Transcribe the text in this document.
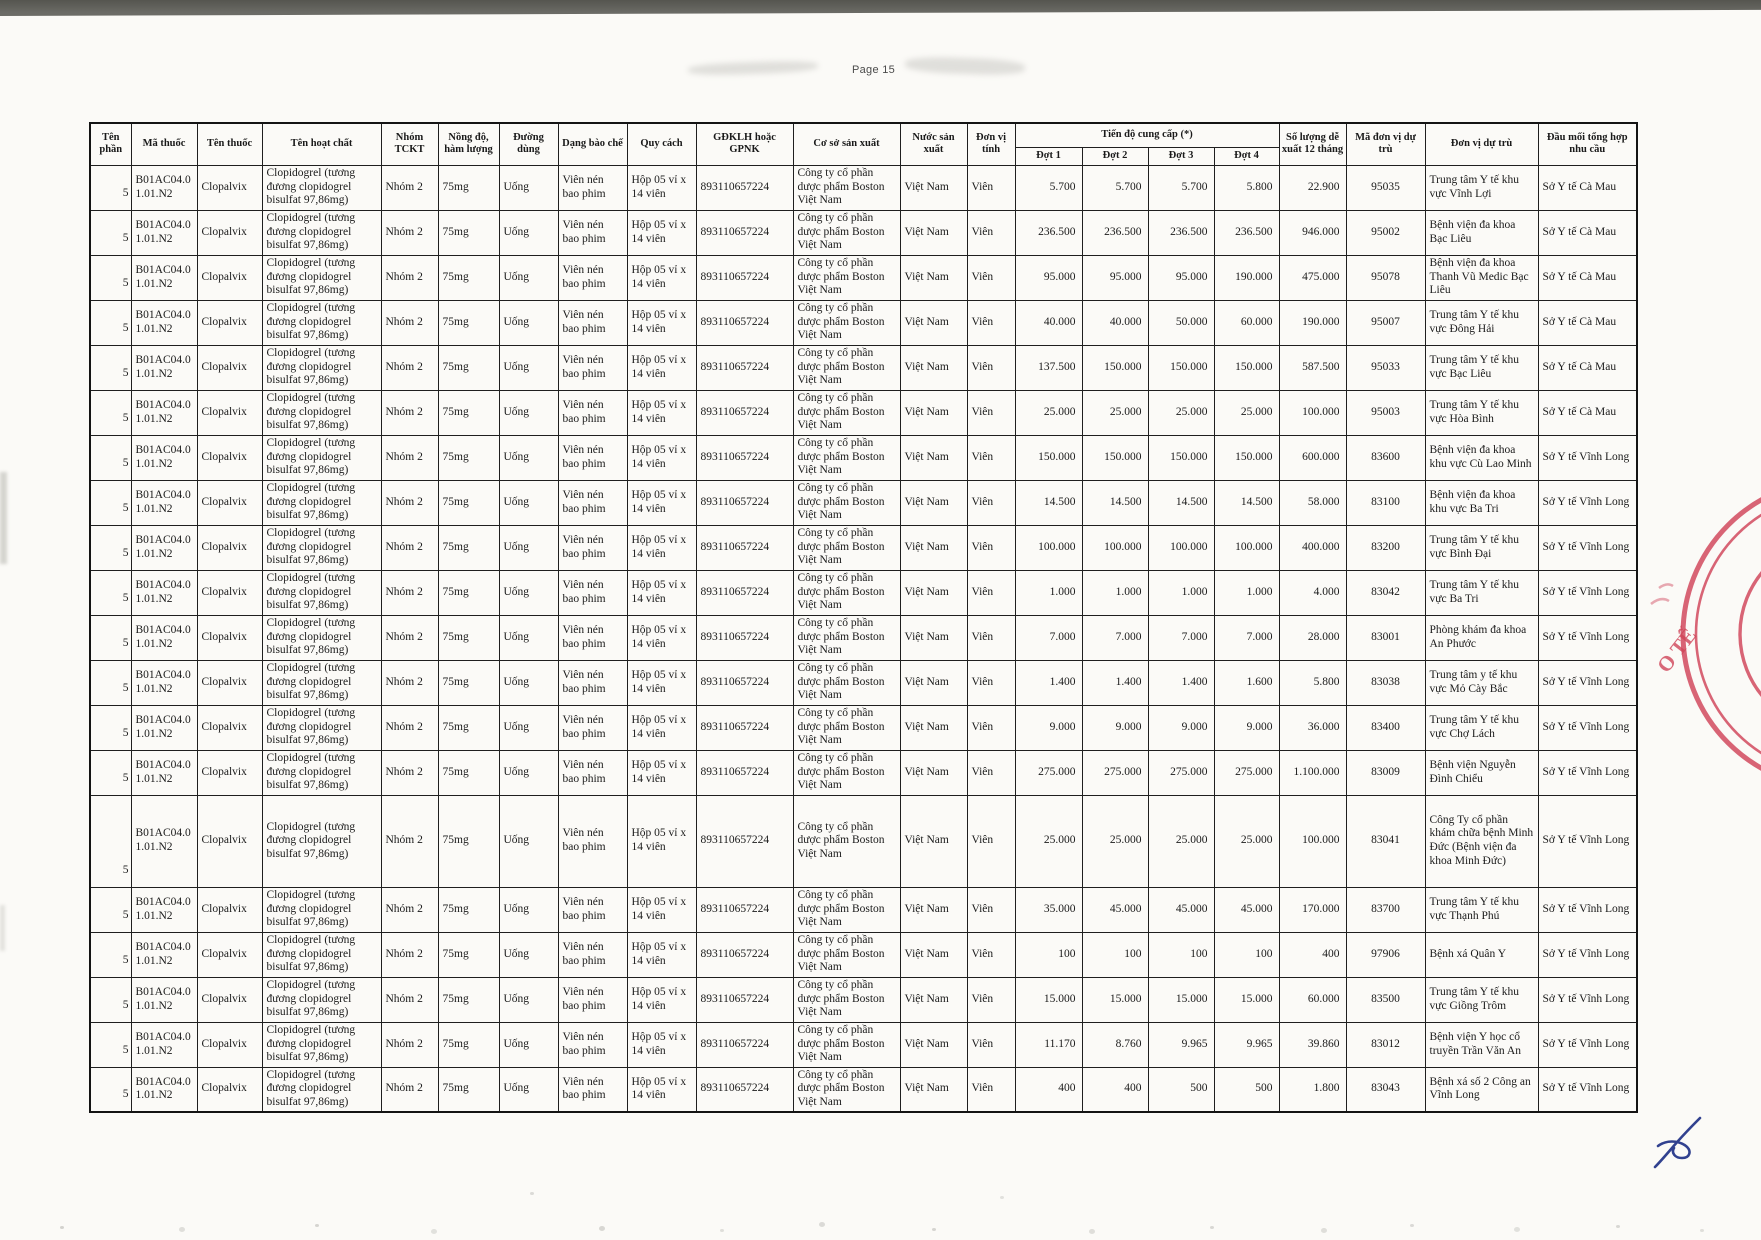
Page 15
Tên phần	Mã thuốc	Tên thuốc	Tên hoạt chất	Nhóm TCKT	Nồng độ, hàm lượng	Đường dùng	Dạng bào chế	Quy cách	GĐKLH hoặc GPNK	Cơ sở sản xuất	Nước sản xuất	Đơn vị tính	Tiến độ cung cấp (*)				Số lượng dễ xuất 12 tháng	Mã đơn vị dự trù	Đơn vị dự trù	Đầu mối tổng hợp nhu cầu
													Đợt 1	Đợt 2	Đợt 3	Đợt 4				
5	B01AC04.0 1.01.N2	Clopalvix	Clopidogrel (tương đương clopidogrel bisulfat 97,86mg)	Nhóm 2	75mg	Uống	Viên nén bao phim	Hộp 05 vỉ x 14 viên	893110657224	Công ty cổ phần dược phẩm Boston Việt Nam	Việt Nam	Viên	5.700	5.700	5.700	5.800	22.900	95035	Trung tâm Y tế khu vực Vĩnh Lợi	Sở Y tế Cà Mau
5	B01AC04.0 1.01.N2	Clopalvix	Clopidogrel (tương đương clopidogrel bisulfat 97,86mg)	Nhóm 2	75mg	Uống	Viên nén bao phim	Hộp 05 vỉ x 14 viên	893110657224	Công ty cổ phần dược phẩm Boston Việt Nam	Việt Nam	Viên	236.500	236.500	236.500	236.500	946.000	95002	Bệnh viện đa khoa Bạc Liêu	Sở Y tế Cà Mau
5	B01AC04.0 1.01.N2	Clopalvix	Clopidogrel (tương đương clopidogrel bisulfat 97,86mg)	Nhóm 2	75mg	Uống	Viên nén bao phim	Hộp 05 vỉ x 14 viên	893110657224	Công ty cổ phần dược phẩm Boston Việt Nam	Việt Nam	Viên	95.000	95.000	95.000	190.000	475.000	95078	Bệnh viện đa khoa Thanh Vũ Medic Bạc Liêu	Sở Y tế Cà Mau
5	B01AC04.0 1.01.N2	Clopalvix	Clopidogrel (tương đương clopidogrel bisulfat 97,86mg)	Nhóm 2	75mg	Uống	Viên nén bao phim	Hộp 05 vỉ x 14 viên	893110657224	Công ty cổ phần dược phẩm Boston Việt Nam	Việt Nam	Viên	40.000	40.000	50.000	60.000	190.000	95007	Trung tâm Y tế khu vực Đông Hải	Sở Y tế Cà Mau
5	B01AC04.0 1.01.N2	Clopalvix	Clopidogrel (tương đương clopidogrel bisulfat 97,86mg)	Nhóm 2	75mg	Uống	Viên nén bao phim	Hộp 05 vỉ x 14 viên	893110657224	Công ty cổ phần dược phẩm Boston Việt Nam	Việt Nam	Viên	137.500	150.000	150.000	150.000	587.500	95033	Trung tâm Y tế khu vực Bạc Liêu	Sở Y tế Cà Mau
5	B01AC04.0 1.01.N2	Clopalvix	Clopidogrel (tương đương clopidogrel bisulfat 97,86mg)	Nhóm 2	75mg	Uống	Viên nén bao phim	Hộp 05 vỉ x 14 viên	893110657224	Công ty cổ phần dược phẩm Boston Việt Nam	Việt Nam	Viên	25.000	25.000	25.000	25.000	100.000	95003	Trung tâm Y tế khu vực Hòa Bình	Sở Y tế Cà Mau
5	B01AC04.0 1.01.N2	Clopalvix	Clopidogrel (tương đương clopidogrel bisulfat 97,86mg)	Nhóm 2	75mg	Uống	Viên nén bao phim	Hộp 05 vỉ x 14 viên	893110657224	Công ty cổ phần dược phẩm Boston Việt Nam	Việt Nam	Viên	150.000	150.000	150.000	150.000	600.000	83600	Bệnh viện đa khoa khu vực Cù Lao Minh	Sở Y tế Vĩnh Long
5	B01AC04.0 1.01.N2	Clopalvix	Clopidogrel (tương đương clopidogrel bisulfat 97,86mg)	Nhóm 2	75mg	Uống	Viên nén bao phim	Hộp 05 vỉ x 14 viên	893110657224	Công ty cổ phần dược phẩm Boston Việt Nam	Việt Nam	Viên	14.500	14.500	14.500	14.500	58.000	83100	Bệnh viện đa khoa khu vực Ba Tri	Sở Y tế Vĩnh Long
5	B01AC04.0 1.01.N2	Clopalvix	Clopidogrel (tương đương clopidogrel bisulfat 97,86mg)	Nhóm 2	75mg	Uống	Viên nén bao phim	Hộp 05 vỉ x 14 viên	893110657224	Công ty cổ phần dược phẩm Boston Việt Nam	Việt Nam	Viên	100.000	100.000	100.000	100.000	400.000	83200	Trung tâm Y tế khu vực Bình Đại	Sở Y tế Vĩnh Long
5	B01AC04.0 1.01.N2	Clopalvix	Clopidogrel (tương đương clopidogrel bisulfat 97,86mg)	Nhóm 2	75mg	Uống	Viên nén bao phim	Hộp 05 vỉ x 14 viên	893110657224	Công ty cổ phần dược phẩm Boston Việt Nam	Việt Nam	Viên	1.000	1.000	1.000	1.000	4.000	83042	Trung tâm Y tế khu vực Ba Tri	Sở Y tế Vĩnh Long
5	B01AC04.0 1.01.N2	Clopalvix	Clopidogrel (tương đương clopidogrel bisulfat 97,86mg)	Nhóm 2	75mg	Uống	Viên nén bao phim	Hộp 05 vỉ x 14 viên	893110657224	Công ty cổ phần dược phẩm Boston Việt Nam	Việt Nam	Viên	7.000	7.000	7.000	7.000	28.000	83001	Phòng khám đa khoa An Phước	Sở Y tế Vĩnh Long
5	B01AC04.0 1.01.N2	Clopalvix	Clopidogrel (tương đương clopidogrel bisulfat 97,86mg)	Nhóm 2	75mg	Uống	Viên nén bao phim	Hộp 05 vỉ x 14 viên	893110657224	Công ty cổ phần dược phẩm Boston Việt Nam	Việt Nam	Viên	1.400	1.400	1.400	1.600	5.800	83038	Trung tâm y tế khu vực Mỏ Cày Bắc	Sở Y tế Vĩnh Long
5	B01AC04.0 1.01.N2	Clopalvix	Clopidogrel (tương đương clopidogrel bisulfat 97,86mg)	Nhóm 2	75mg	Uống	Viên nén bao phim	Hộp 05 vỉ x 14 viên	893110657224	Công ty cổ phần dược phẩm Boston Việt Nam	Việt Nam	Viên	9.000	9.000	9.000	9.000	36.000	83400	Trung tâm Y tế khu vực Chợ Lách	Sở Y tế Vĩnh Long
5	B01AC04.0 1.01.N2	Clopalvix	Clopidogrel (tương đương clopidogrel bisulfat 97,86mg)	Nhóm 2	75mg	Uống	Viên nén bao phim	Hộp 05 vỉ x 14 viên	893110657224	Công ty cổ phần dược phẩm Boston Việt Nam	Việt Nam	Viên	275.000	275.000	275.000	275.000	1.100.000	83009	Bệnh viện Nguyễn Đình Chiểu	Sở Y tế Vĩnh Long
5	B01AC04.0 1.01.N2	Clopalvix	Clopidogrel (tương đương clopidogrel bisulfat 97,86mg)	Nhóm 2	75mg	Uống	Viên nén bao phim	Hộp 05 vỉ x 14 viên	893110657224	Công ty cổ phần dược phẩm Boston Việt Nam	Việt Nam	Viên	25.000	25.000	25.000	25.000	100.000	83041	Công Ty cổ phần khám chữa bệnh Minh Đức (Bệnh viện đa khoa Minh Đức)	Sở Y tế Vĩnh Long
5	B01AC04.0 1.01.N2	Clopalvix	Clopidogrel (tương đương clopidogrel bisulfat 97,86mg)	Nhóm 2	75mg	Uống	Viên nén bao phim	Hộp 05 vỉ x 14 viên	893110657224	Công ty cổ phần dược phẩm Boston Việt Nam	Việt Nam	Viên	35.000	45.000	45.000	45.000	170.000	83700	Trung tâm Y tế khu vực Thạnh Phú	Sở Y tế Vĩnh Long
5	B01AC04.0 1.01.N2	Clopalvix	Clopidogrel (tương đương clopidogrel bisulfat 97,86mg)	Nhóm 2	75mg	Uống	Viên nén bao phim	Hộp 05 vỉ x 14 viên	893110657224	Công ty cổ phần dược phẩm Boston Việt Nam	Việt Nam	Viên	100	100	100	100	400	97906	Bệnh xá Quân Y	Sở Y tế Vĩnh Long
5	B01AC04.0 1.01.N2	Clopalvix	Clopidogrel (tương đương clopidogrel bisulfat 97,86mg)	Nhóm 2	75mg	Uống	Viên nén bao phim	Hộp 05 vỉ x 14 viên	893110657224	Công ty cổ phần dược phẩm Boston Việt Nam	Việt Nam	Viên	15.000	15.000	15.000	15.000	60.000	83500	Trung tâm Y tế khu vực Giồng Trôm	Sở Y tế Vĩnh Long
5	B01AC04.0 1.01.N2	Clopalvix	Clopidogrel (tương đương clopidogrel bisulfat 97,86mg)	Nhóm 2	75mg	Uống	Viên nén bao phim	Hộp 05 vỉ x 14 viên	893110657224	Công ty cổ phần dược phẩm Boston Việt Nam	Việt Nam	Viên	11.170	8.760	9.965	9.965	39.860	83012	Bệnh viện Y học cổ truyền Trần Văn An	Sở Y tế Vĩnh Long
5	B01AC04.0 1.01.N2	Clopalvix	Clopidogrel (tương đương clopidogrel bisulfat 97,86mg)	Nhóm 2	75mg	Uống	Viên nén bao phim	Hộp 05 vỉ x 14 viên	893110657224	Công ty cổ phần dược phẩm Boston Việt Nam	Việt Nam	Viên	400	400	500	500	1.800	83043	Bệnh xá số 2 Công an Vĩnh Long	Sở Y tế Vĩnh Long
O TẾ
